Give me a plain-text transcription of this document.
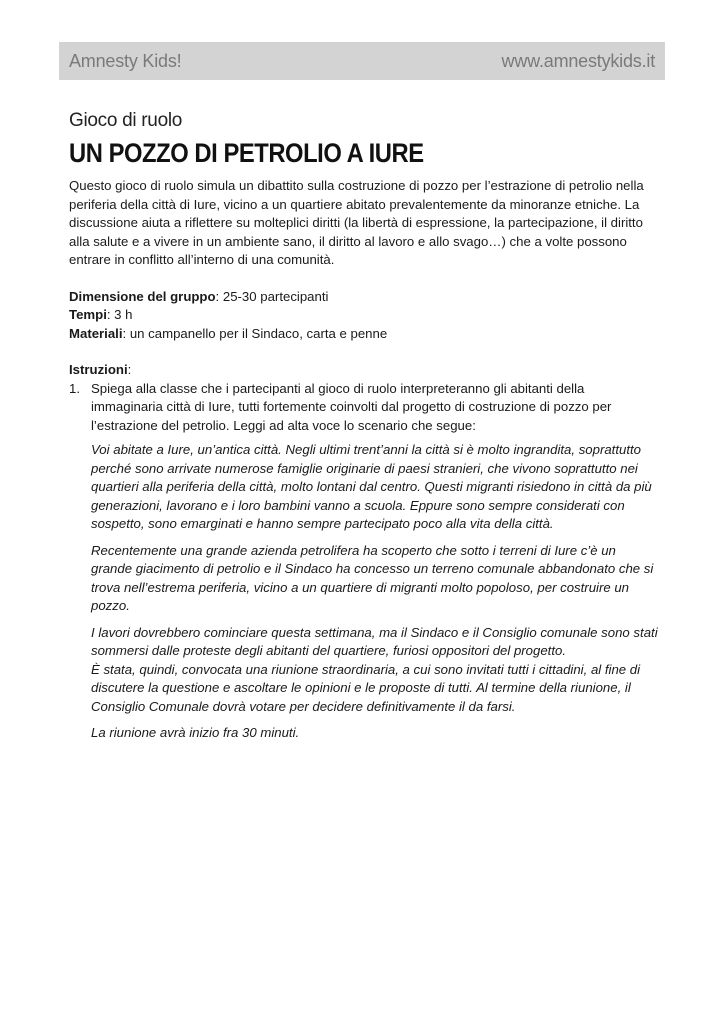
Amnesty Kids!	www.amnestykids.it

Gioco di ruolo

UN POZZO DI PETROLIO A IURE

Questo gioco di ruolo simula un dibattito sulla costruzione di pozzo per l’estrazione di petrolio nella periferia della città di Iure, vicino a un quartiere abitato prevalentemente da minoranze etniche. La discussione aiuta a riflettere su molteplici diritti (la libertà di espressione, la partecipazione, il diritto alla salute e a vivere in un ambiente sano, il diritto al lavoro e allo svago…) che a volte possono entrare in conflitto all’interno di una comunità.

Dimensione del gruppo: 25-30 partecipanti
Tempi: 3 h
Materiali: un campanello per il Sindaco, carta e penne
Istruzioni:
1. Spiega alla classe che i partecipanti al gioco di ruolo interpreteranno gli abitanti della immaginaria città di Iure, tutti fortemente coinvolti dal progetto di costruzione di pozzo per l’estrazione del petrolio. Leggi ad alta voce lo scenario che segue:

Voi abitate a Iure, un’antica città. Negli ultimi trent’anni la città si è molto ingrandita, soprattutto perché sono arrivate numerose famiglie originarie di paesi stranieri, che vivono soprattutto nei quartieri alla periferia della città, molto lontani dal centro. Questi migranti risiedono in città da più generazioni, lavorano e i loro bambini vanno a scuola. Eppure sono sempre considerati con sospetto, sono emarginati e hanno sempre partecipato poco alla vita della città.

Recentemente una grande azienda petrolifera ha scoperto che sotto i terreni di Iure c’è un grande giacimento di petrolio e il Sindaco ha concesso un terreno comunale abbandonato che si trova nell’estrema periferia, vicino a un quartiere di migranti molto popoloso, per costruire un pozzo.

I lavori dovrebbero cominciare questa settimana, ma il Sindaco e il Consiglio comunale sono stati sommersi dalle proteste degli abitanti del quartiere, furiosi oppositori del progetto.
È stata, quindi, convocata una riunione straordinaria, a cui sono invitati tutti i cittadini, al fine di discutere la questione e ascoltare le opinioni e le proposte di tutti. Al termine della riunione, il Consiglio Comunale dovrà votare per decidere definitivamente il da farsi.

La riunione avrà inizio fra 30 minuti.
